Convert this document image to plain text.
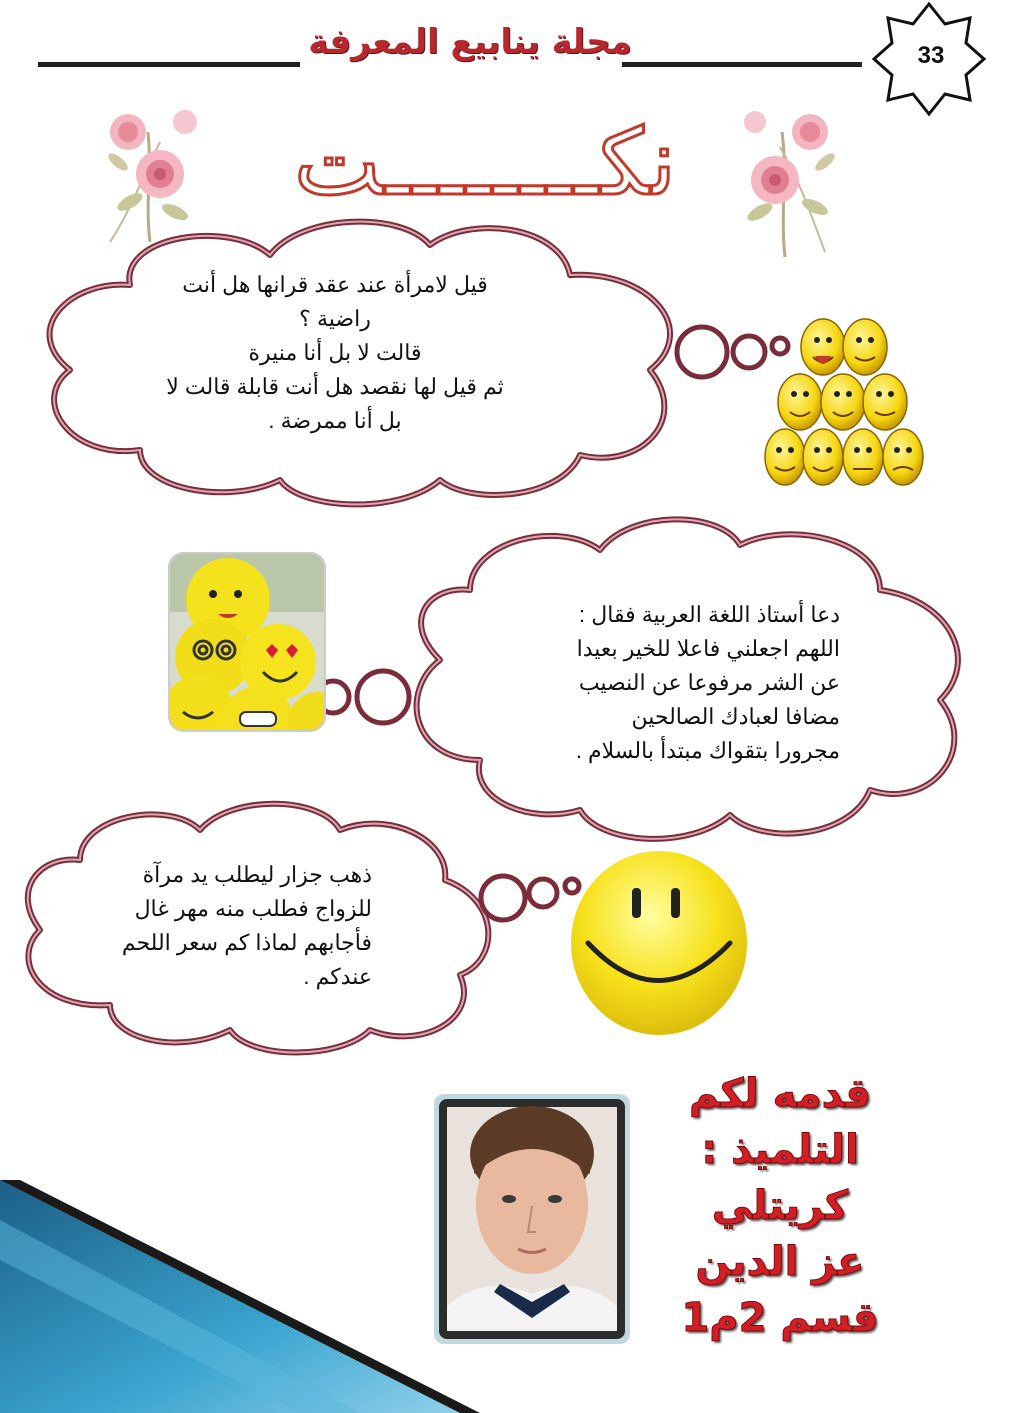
مجلة ينابيع المعرفة	33
نكــــــــت
قيل لامرأة عند عقد قرانها هل أنت
راضية ؟
قالت لا بل أنا منيرة
ثم قيل لها نقصد هل أنت قابلة قالت لا
بل أنا ممرضة .
دعا أستاذ اللغة العربية فقال :
اللهم اجعلني فاعلا للخير بعيدا
عن الشر مرفوعا عن النصيب
مضافا لعبادك الصالحين
مجرورا بتقواك مبتدأ بالسلام .
ذهب جزار ليطلب يد مرآة
للزواج فطلب منه مهر غال
فأجابهم لماذا كم سعر اللحم
عندكم .
قدمه لكم
التلميذ :
كريتلي
عز الدين
قسم 2م1
